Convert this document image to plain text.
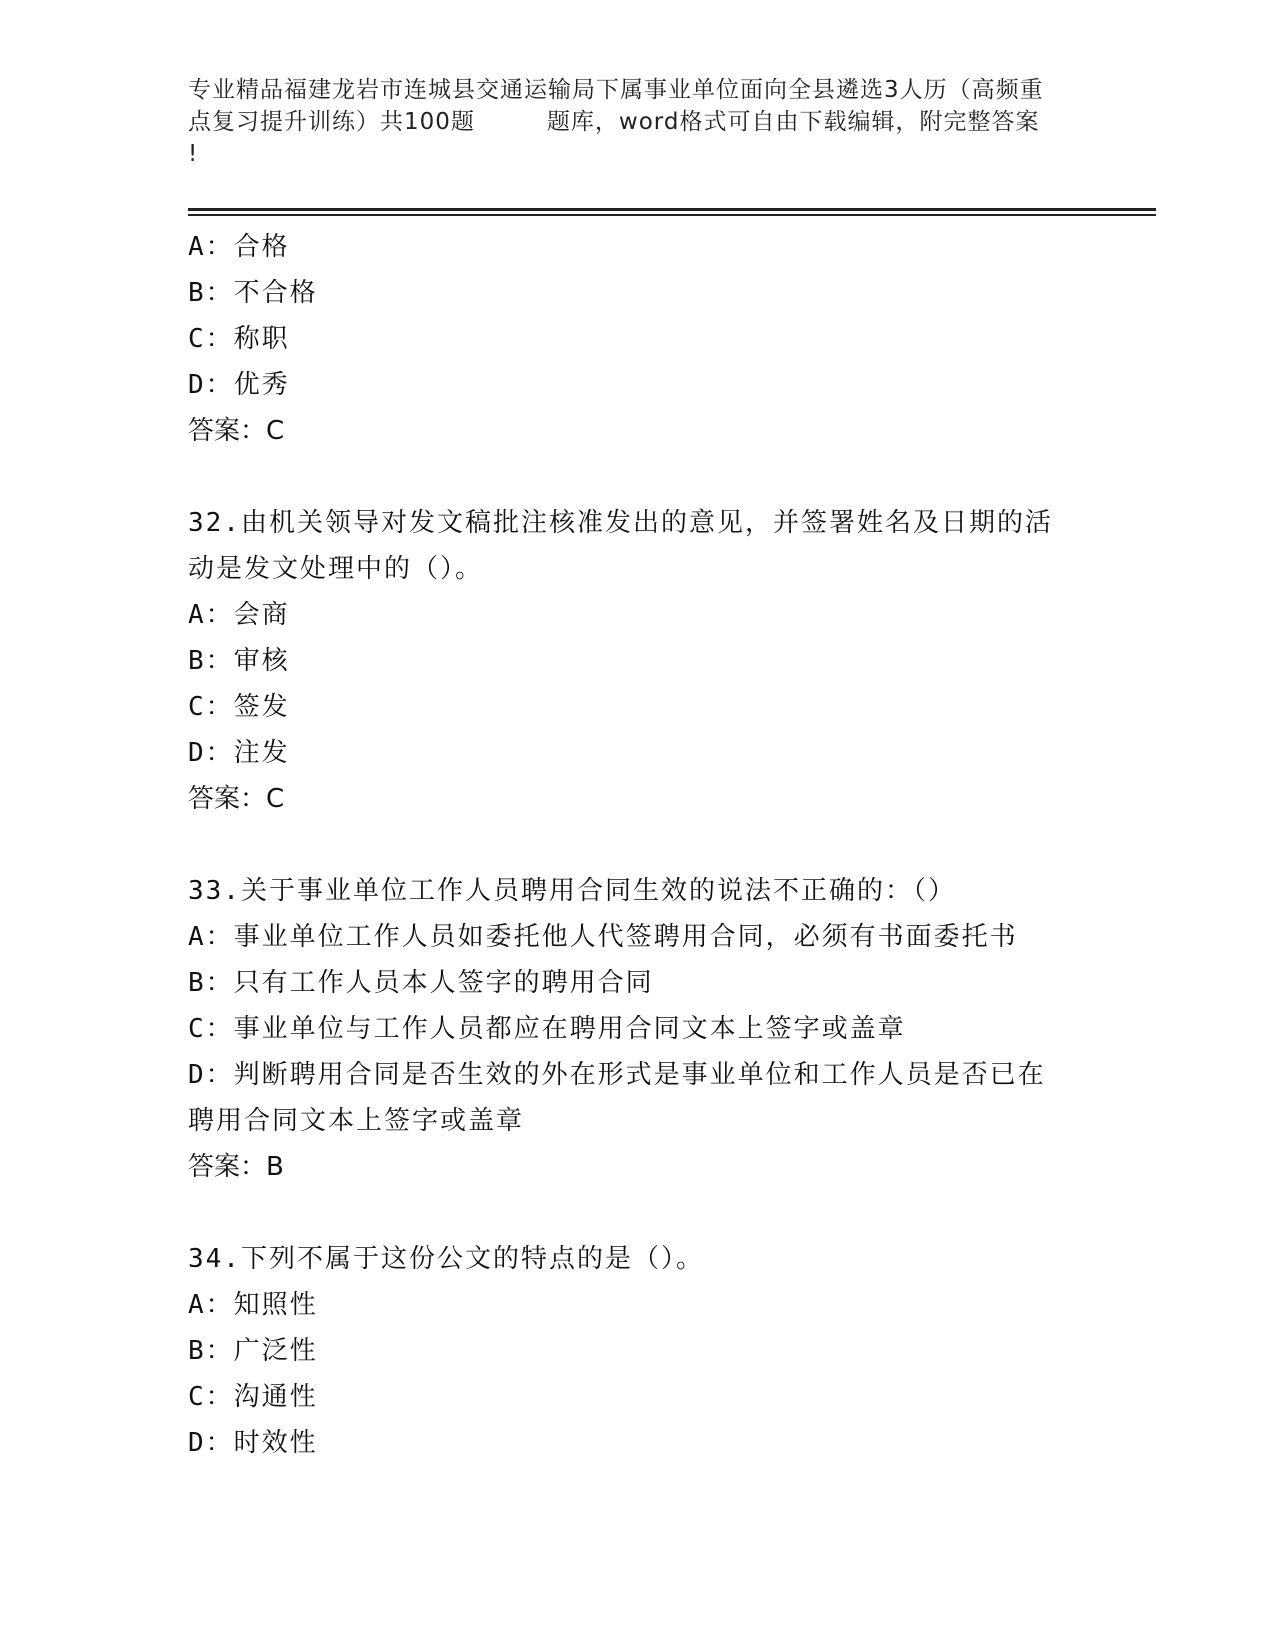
专业精品福建龙岩市连城县交通运输局下属事业单位面向全县遴选3人历（高频重
点复习提升训练）共100题	题库，word格式可自由下载编辑，附完整答案
!
A：合格
B：不合格
C：称职
D：优秀
答案：C
32.由机关领导对发文稿批注核准发出的意见，并签署姓名及日期的活
动是发文处理中的（）。
A：会商
B：审核
C：签发
D：注发
答案：C
33.关于事业单位工作人员聘用合同生效的说法不正确的：（）
A：事业单位工作人员如委托他人代签聘用合同，必须有书面委托书
B：只有工作人员本人签字的聘用合同
C：事业单位与工作人员都应在聘用合同文本上签字或盖章
D：判断聘用合同是否生效的外在形式是事业单位和工作人员是否已在
聘用合同文本上签字或盖章
答案：B
34.下列不属于这份公文的特点的是（）。
A：知照性
B：广泛性
C：沟通性
D：时效性
